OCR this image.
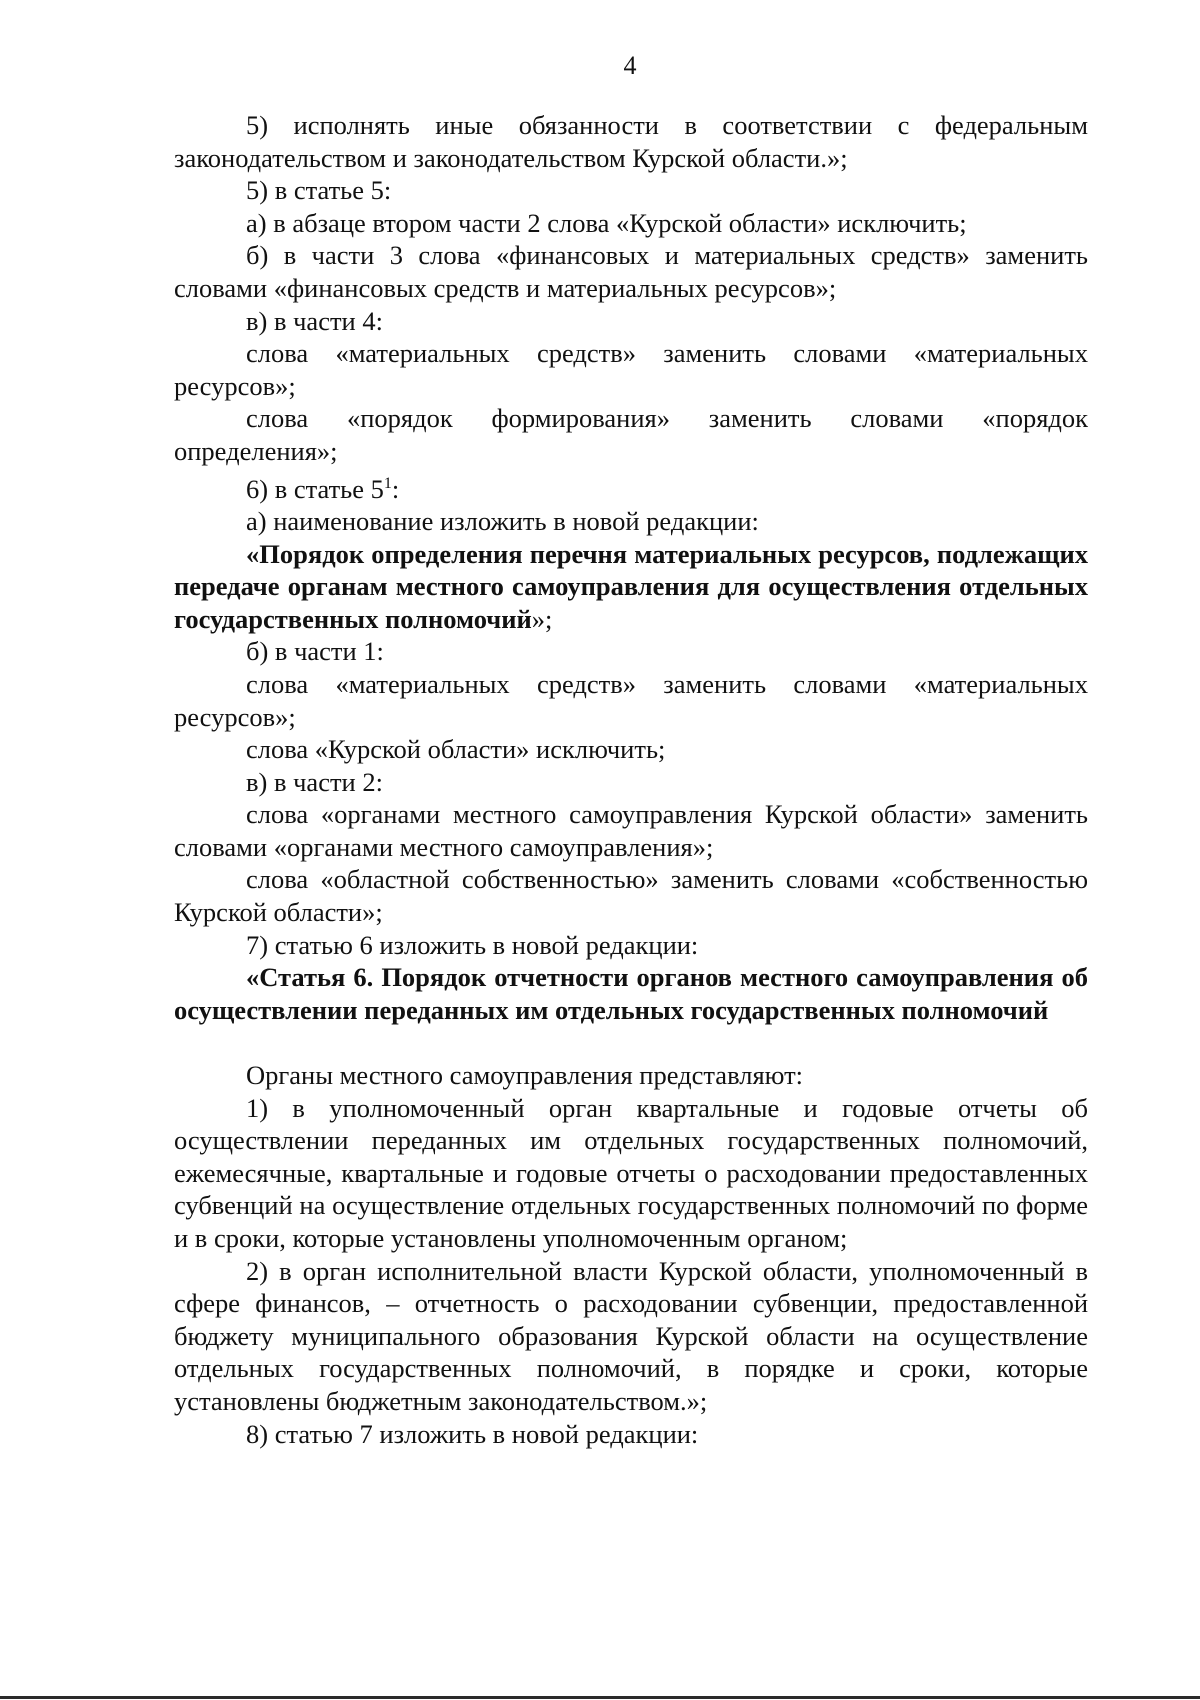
4

5) исполнять иные обязанности в соответствии с федеральным законодательством и законодательством Курской области.»;

5) в статье 5:

а) в абзаце втором части 2 слова «Курской области» исключить;

б) в части 3 слова «финансовых и материальных средств» заменить словами «финансовых средств и материальных ресурсов»;

в) в части 4:

слова «материальных средств» заменить словами «материальных ресурсов»;

слова «порядок формирования» заменить словами «порядок определения»;

6) в статье $5^1$:

а) наименование изложить в новой редакции:

«Порядок определения перечня материальных ресурсов, подлежащих передаче органам местного самоуправления для осуществления отдельных государственных полномочий»;

б) в части 1:

слова «материальных средств» заменить словами «материальных ресурсов»;

слова «Курской области» исключить;

в) в части 2:

слова «органами местного самоуправления Курской области» заменить словами «органами местного самоуправления»;

слова «областной собственностью» заменить словами «собственностью Курской области»;

7) статью 6 изложить в новой редакции:

«Статья 6. Порядок отчетности органов местного самоуправления об осуществлении переданных им отдельных государственных полномочий

Органы местного самоуправления представляют:

1) в уполномоченный орган квартальные и годовые отчеты об осуществлении переданных им отдельных государственных полномочий, ежемесячные, квартальные и годовые отчеты о расходовании предоставленных субвенций на осуществление отдельных государственных полномочий по форме и в сроки, которые установлены уполномоченным органом;

2) в орган исполнительной власти Курской области, уполномоченный в сфере финансов, – отчетность о расходовании субвенции, предоставленной бюджету муниципального образования Курской области на осуществление отдельных государственных полномочий, в порядке и сроки, которые установлены бюджетным законодательством.»;

8) статью 7 изложить в новой редакции:
